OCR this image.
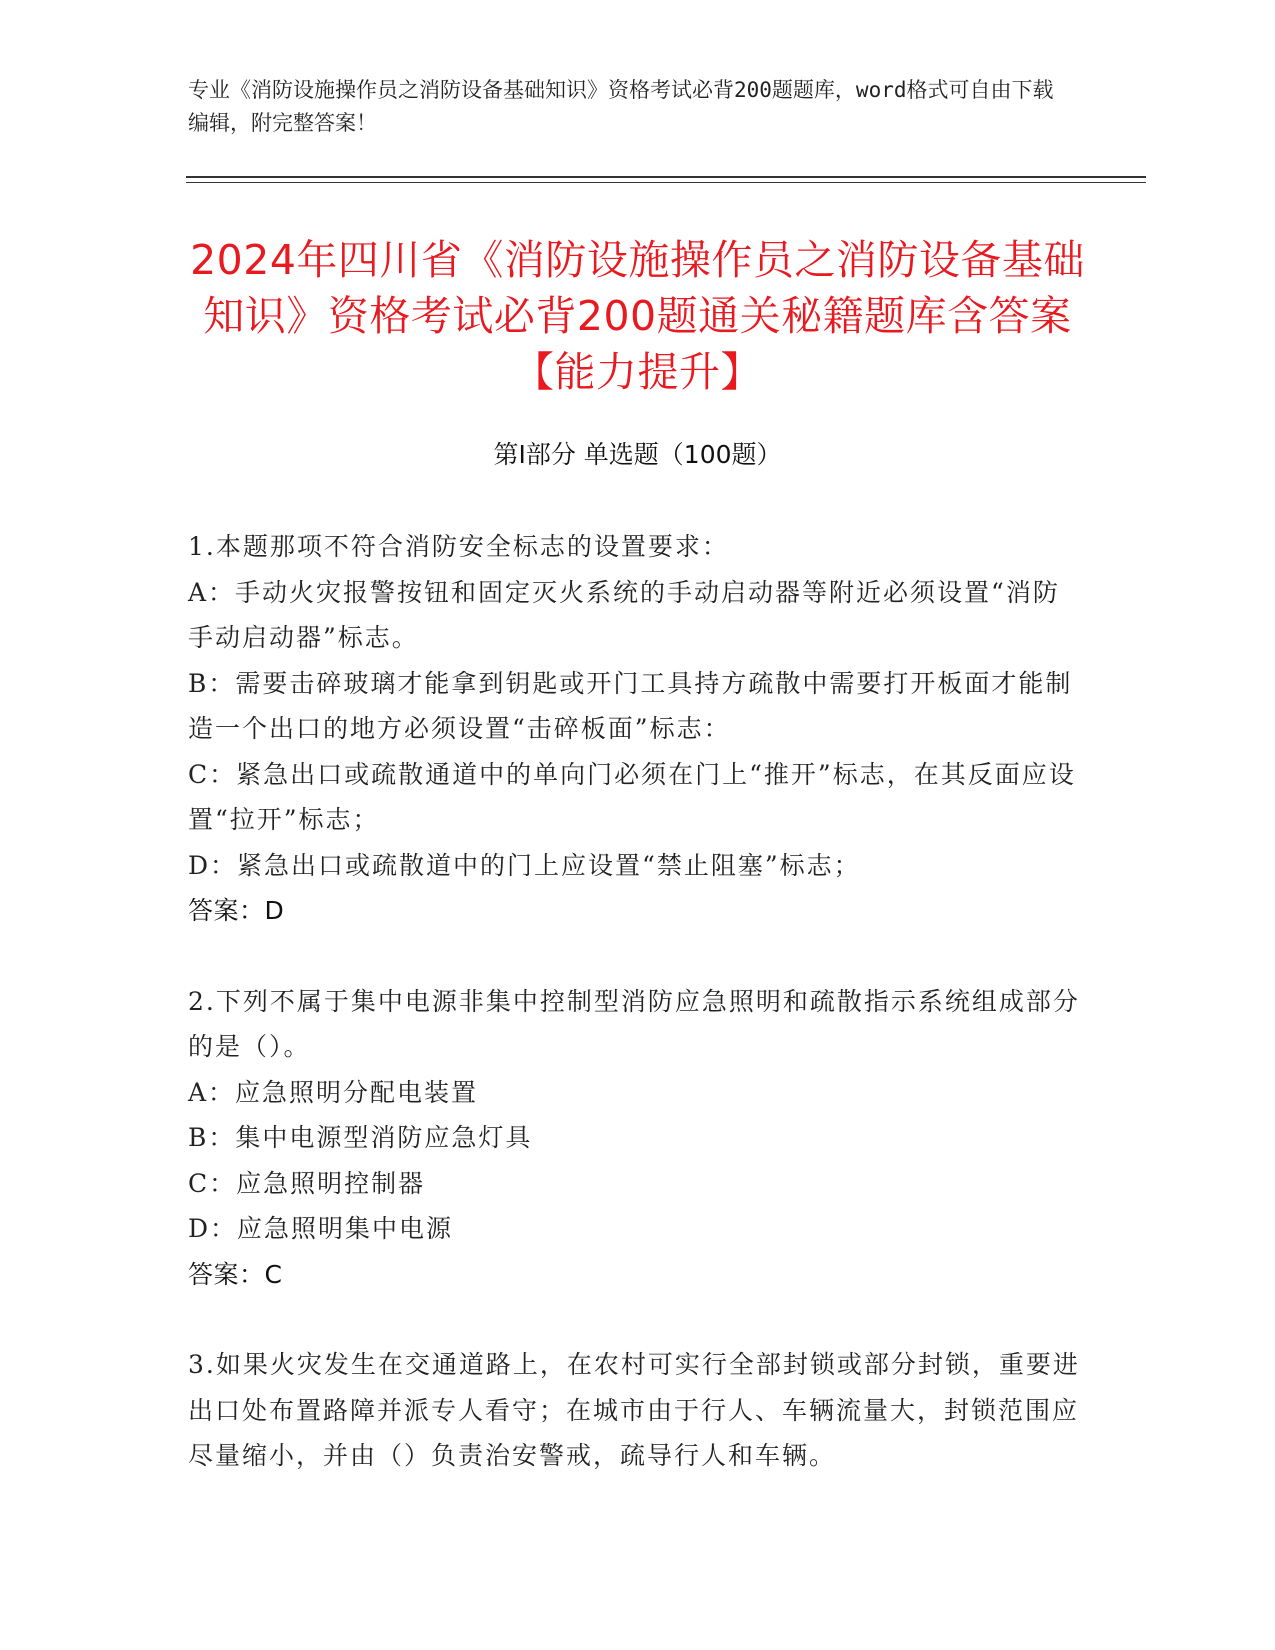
专业《消防设施操作员之消防设备基础知识》资格考试必背200题题库，word格式可自由下载编辑，附完整答案！
2024年四川省《消防设施操作员之消防设备基础知识》资格考试必背200题通关秘籍题库含答案【能力提升】
第I部分 单选题（100题）

1.本题那项不符合消防安全标志的设置要求：

A：手动火灾报警按钮和固定灭火系统的手动启动器等附近必须设置“消防手动启动器”标志。

B：需要击碎玻璃才能拿到钥匙或开门工具持方疏散中需要打开板面才能制造一个出口的地方必须设置“击碎板面”标志：

C：紧急出口或疏散通道中的单向门必须在门上“推开”标志，在其反面应设置“拉开”标志；

D：紧急出口或疏散道中的门上应设置“禁止阻塞”标志；

答案：D

2.下列不属于集中电源非集中控制型消防应急照明和疏散指示系统组成部分的是（）。

A：应急照明分配电装置

B：集中电源型消防应急灯具

C：应急照明控制器

D：应急照明集中电源

答案：C

3.如果火灾发生在交通道路上，在农村可实行全部封锁或部分封锁，重要进出口处布置路障并派专人看守；在城市由于行人、车辆流量大，封锁范围应尽量缩小，并由（）负责治安警戒，疏导行人和车辆。
